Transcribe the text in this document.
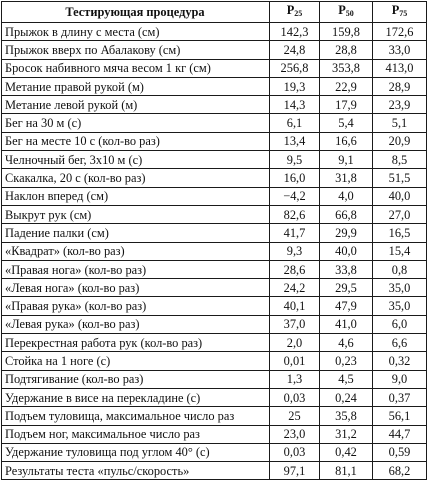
Тестирующая процедура	$P_{25}$	$P_{50}$	$P_{75}$
Прыжок в длину с места (см)	142,3	159,8	172,6
Прыжок вверх по Абалакову (см)	24,8	28,8	33,0
Бросок набивного мяча весом 1 кг (см)	256,8	353,8	413,0
Метание правой рукой (м)	19,3	22,9	28,9
Метание левой рукой (м)	14,3	17,9	23,9
Бег на 30 м (с)	6,1	5,4	5,1
Бег на месте 10 с (кол-во раз)	13,4	16,6	20,9
Челночный бег, 3х10 м (с)	9,5	9,1	8,5
Скакалка, 20 с (кол-во раз)	16,0	31,8	51,5
Наклон вперед (см)	−4,2	4,0	40,0
Выкрут рук (см)	82,6	66,8	27,0
Падение палки (см)	41,7	29,9	16,5
«Квадрат» (кол-во раз)	9,3	40,0	15,4
«Правая нога» (кол-во раз)	28,6	33,8	0,8
«Левая нога» (кол-во раз)	24,2	29,5	35,0
«Правая рука» (кол-во раз)	40,1	47,9	35,0
«Левая рука» (кол-во раз)	37,0	41,0	6,0
Перекрестная работа рук (кол-во раз)	2,0	4,6	6,6
Стойка на 1 ноге (с)	0,01	0,23	0,32
Подтягивание (кол-во раз)	1,3	4,5	9,0
Удержание в висе на перекладине (с)	0,03	0,24	0,37
Подъем туловища, максимальное число раз	25	35,8	56,1
Подъем ног, максимальное число раз	23,0	31,2	44,7
Удержание туловища под углом 40° (с)	0,03	0,42	0,59
Результаты теста «пульс/скорость»	97,1	81,1	68,2
